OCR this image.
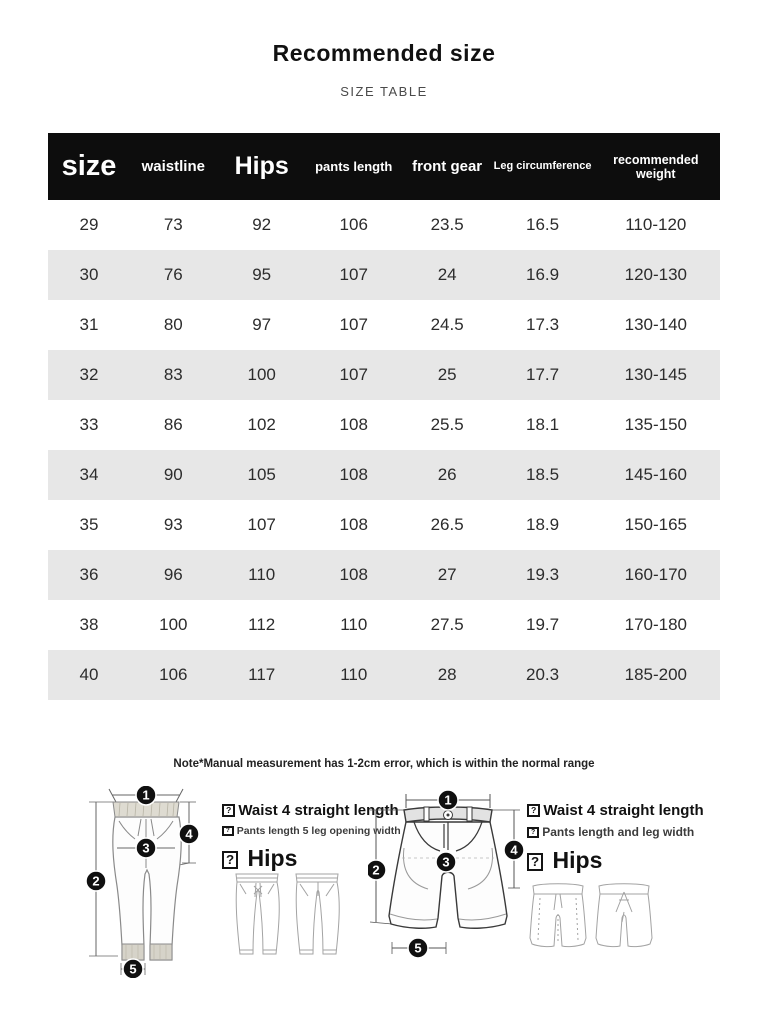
Recommended size
SIZE TABLE
size	waistline	Hips	pants length	front gear	Leg circumference	recommended weight
29	73	92	106	23.5	16.5	110-120
30	76	95	107	24	16.9	120-130
31	80	97	107	24.5	17.3	130-140
32	83	100	107	25	17.7	130-145
33	86	102	108	25.5	18.1	135-150
34	90	105	108	26	18.5	145-160
35	93	107	108	26.5	18.9	150-165
36	96	110	108	27	19.3	160-170
38	100	112	110	27.5	19.7	170-180
40	106	117	110	28	20.3	185-200
Note*Manual measurement has 1-2cm error, which is within the normal range
1
2
3
4
5
? Waist 4 straight length
? Pants length 5 leg opening width
? Hips
1
2
3
4
5
? Waist 4 straight length
? Pants length and leg width
? Hips
